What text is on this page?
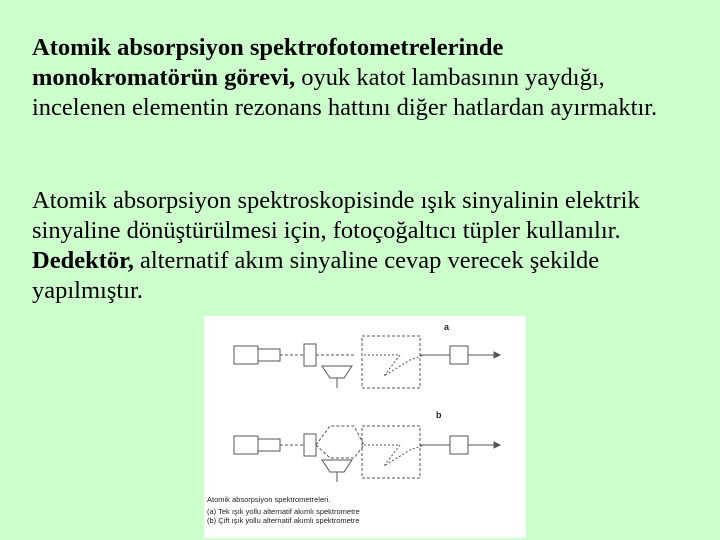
Atomik absorpsiyon spektrofotometrelerinde
monokromatörün görevi, oyuk katot lambasının yaydığı, incelenen elementin rezonans hattını diğer hatlardan ayırmaktır.

Atomik absorpsiyon spektroskopisinde ışık sinyalinin elektrik sinyaline dönüştürülmesi için, fotoçoğaltıcı tüpler kullanılır. Dedektör, alternatif akım sinyaline cevap verecek şekilde yapılmıştır.

a
b
Atomik absorpsiyon spektrometreleri.
(a) Tek ışık yollu alternatif akımlı spektrometre
(b) Çift ışık yollu alternatif akımlı spektrometre
